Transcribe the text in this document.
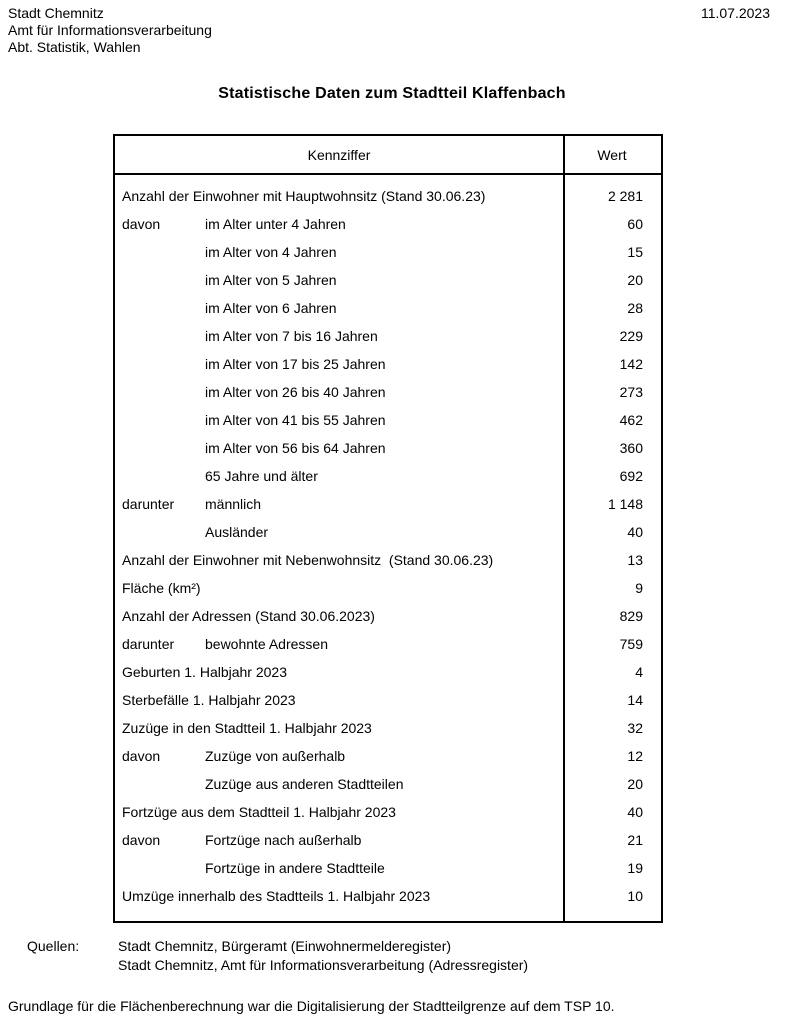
Stadt Chemnitz
Amt für Informationsverarbeitung
Abt. Statistik, Wahlen
11.07.2023
Statistische Daten zum Stadtteil Klaffenbach
Kennziffer	Wert
Anzahl der Einwohner mit Hauptwohnsitz (Stand 30.06.23)	2 281
davon	im Alter unter 4 Jahren	60
im Alter von 4 Jahren	15
im Alter von 5 Jahren	20
im Alter von 6 Jahren	28
im Alter von 7 bis 16 Jahren	229
im Alter von 17 bis 25 Jahren	142
im Alter von 26 bis 40 Jahren	273
im Alter von 41 bis 55 Jahren	462
im Alter von 56 bis 64 Jahren	360
65 Jahre und älter	692
darunter	männlich	1 148
Ausländer	40
Anzahl der Einwohner mit Nebenwohnsitz  (Stand 30.06.23)	13
Fläche (km²)	9
Anzahl der Adressen (Stand 30.06.2023)	829
darunter	bewohnte Adressen	759
Geburten 1. Halbjahr 2023	4
Sterbefälle 1. Halbjahr 2023	14
Zuzüge in den Stadtteil 1. Halbjahr 2023	32
davon	Zuzüge von außerhalb	12
Zuzüge aus anderen Stadtteilen	20
Fortzüge aus dem Stadtteil 1. Halbjahr 2023	40
davon	Fortzüge nach außerhalb	21
Fortzüge in andere Stadtteile	19
Umzüge innerhalb des Stadtteils 1. Halbjahr 2023	10
Quellen:	Stadt Chemnitz, Bürgeramt (Einwohnermelderegister)
Stadt Chemnitz, Amt für Informationsverarbeitung (Adressregister)
Grundlage für die Flächenberechnung war die Digitalisierung der Stadtteilgrenze auf dem TSP 10.
